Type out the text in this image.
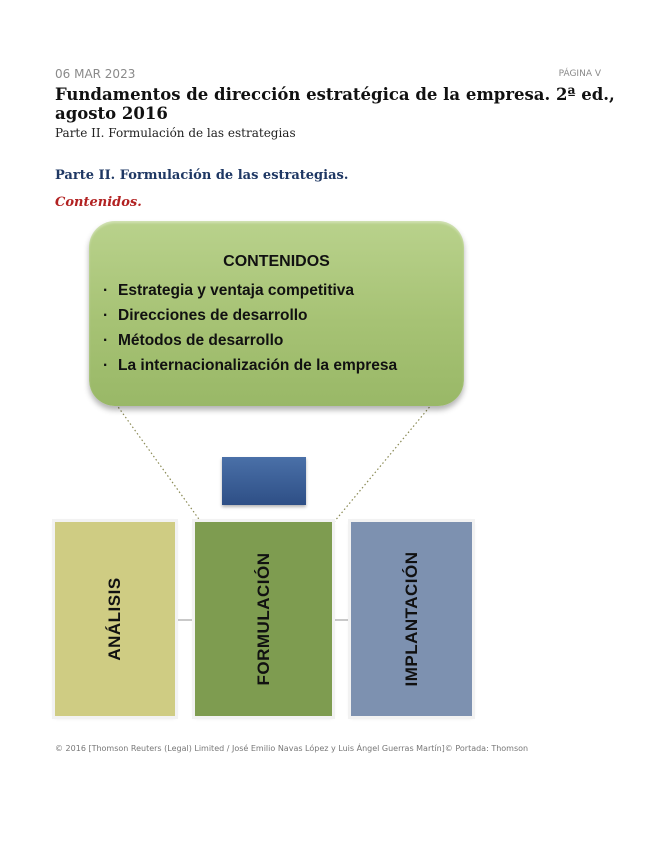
06 MAR 2023	PÁGINA V
Fundamentos de dirección estratégica de la empresa. 2ª ed., agosto 2016
Parte II. Formulación de las estrategias
Parte II. Formulación de las estrategias.
Contenidos.
CONTENIDOS
· Estrategia y ventaja competitiva
· Direcciones de desarrollo
· Métodos de desarrollo
· La internacionalización de la empresa
ANÁLISIS	FORMULACIÓN	IMPLANTACIÓN
© 2016 [Thomson Reuters (Legal) Limited / José Emilio Navas López y Luis Ángel Guerras Martín]© Portada: Thomson
